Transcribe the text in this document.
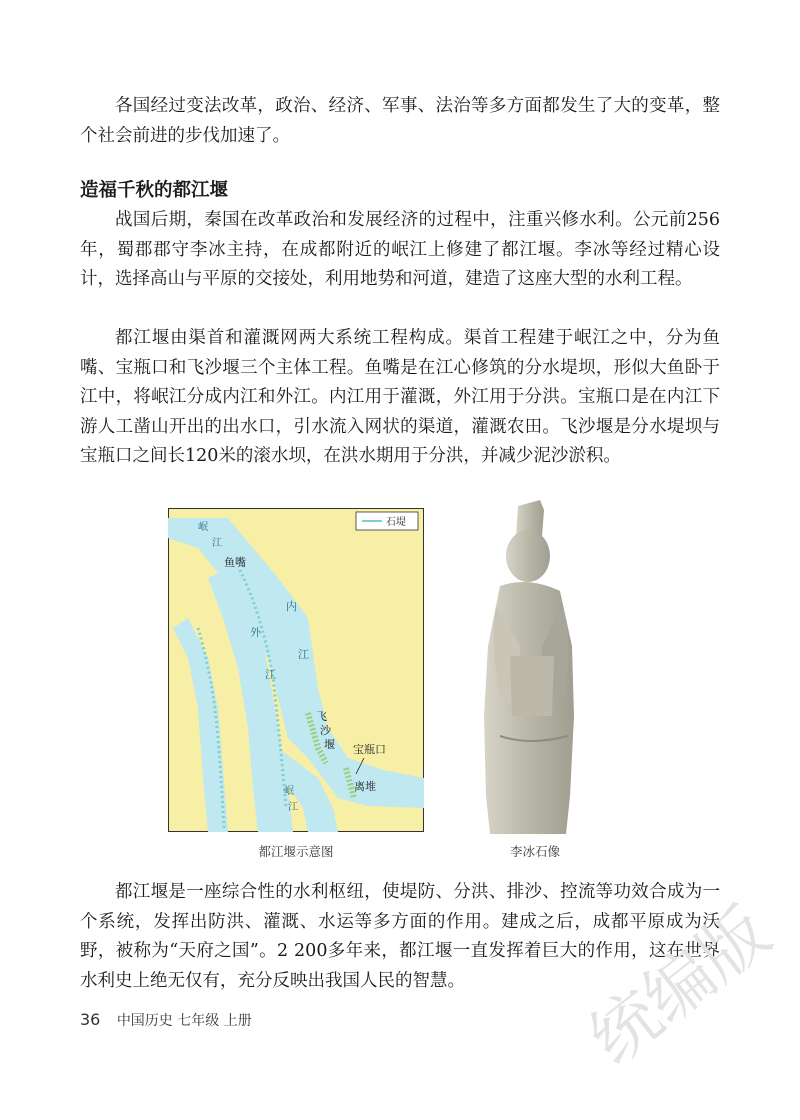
各国经过变法改革，政治、经济、军事、法治等多方面都发生了大的变革，整个社会前进的步伐加速了。

造福千秋的都江堰

战国后期，秦国在改革政治和发展经济的过程中，注重兴修水利。公元前256年，蜀郡郡守李冰主持，在成都附近的岷江上修建了都江堰。李冰等经过精心设计，选择高山与平原的交接处，利用地势和河道，建造了这座大型的水利工程。

都江堰由渠首和灌溉网两大系统工程构成。渠首工程建于岷江之中，分为鱼嘴、宝瓶口和飞沙堰三个主体工程。鱼嘴是在江心修筑的分水堤坝，形似大鱼卧于江中，将岷江分成内江和外江。内江用于灌溉，外江用于分洪。宝瓶口是在内江下游人工凿山开出的出水口，引水流入网状的渠道，灌溉农田。飞沙堰是分水堤坝与宝瓶口之间长120米的滚水坝，在洪水期用于分洪，并减少泥沙淤积。

石堤
岷
江
鱼嘴
外
江
内
江
飞
沙
堰 宝瓶口
离堆
岷
江
都江堰示意图	李冰石像

都江堰是一座综合性的水利枢纽，使堤防、分洪、排沙、控流等功效合成为一个系统，发挥出防洪、灌溉、水运等多方面的作用。建成之后，成都平原成为沃野，被称为“天府之国”。2 200多年来，都江堰一直发挥着巨大的作用，这在世界水利史上绝无仅有，充分反映出我国人民的智慧。

36 中国历史 七年级 上册	统编版
